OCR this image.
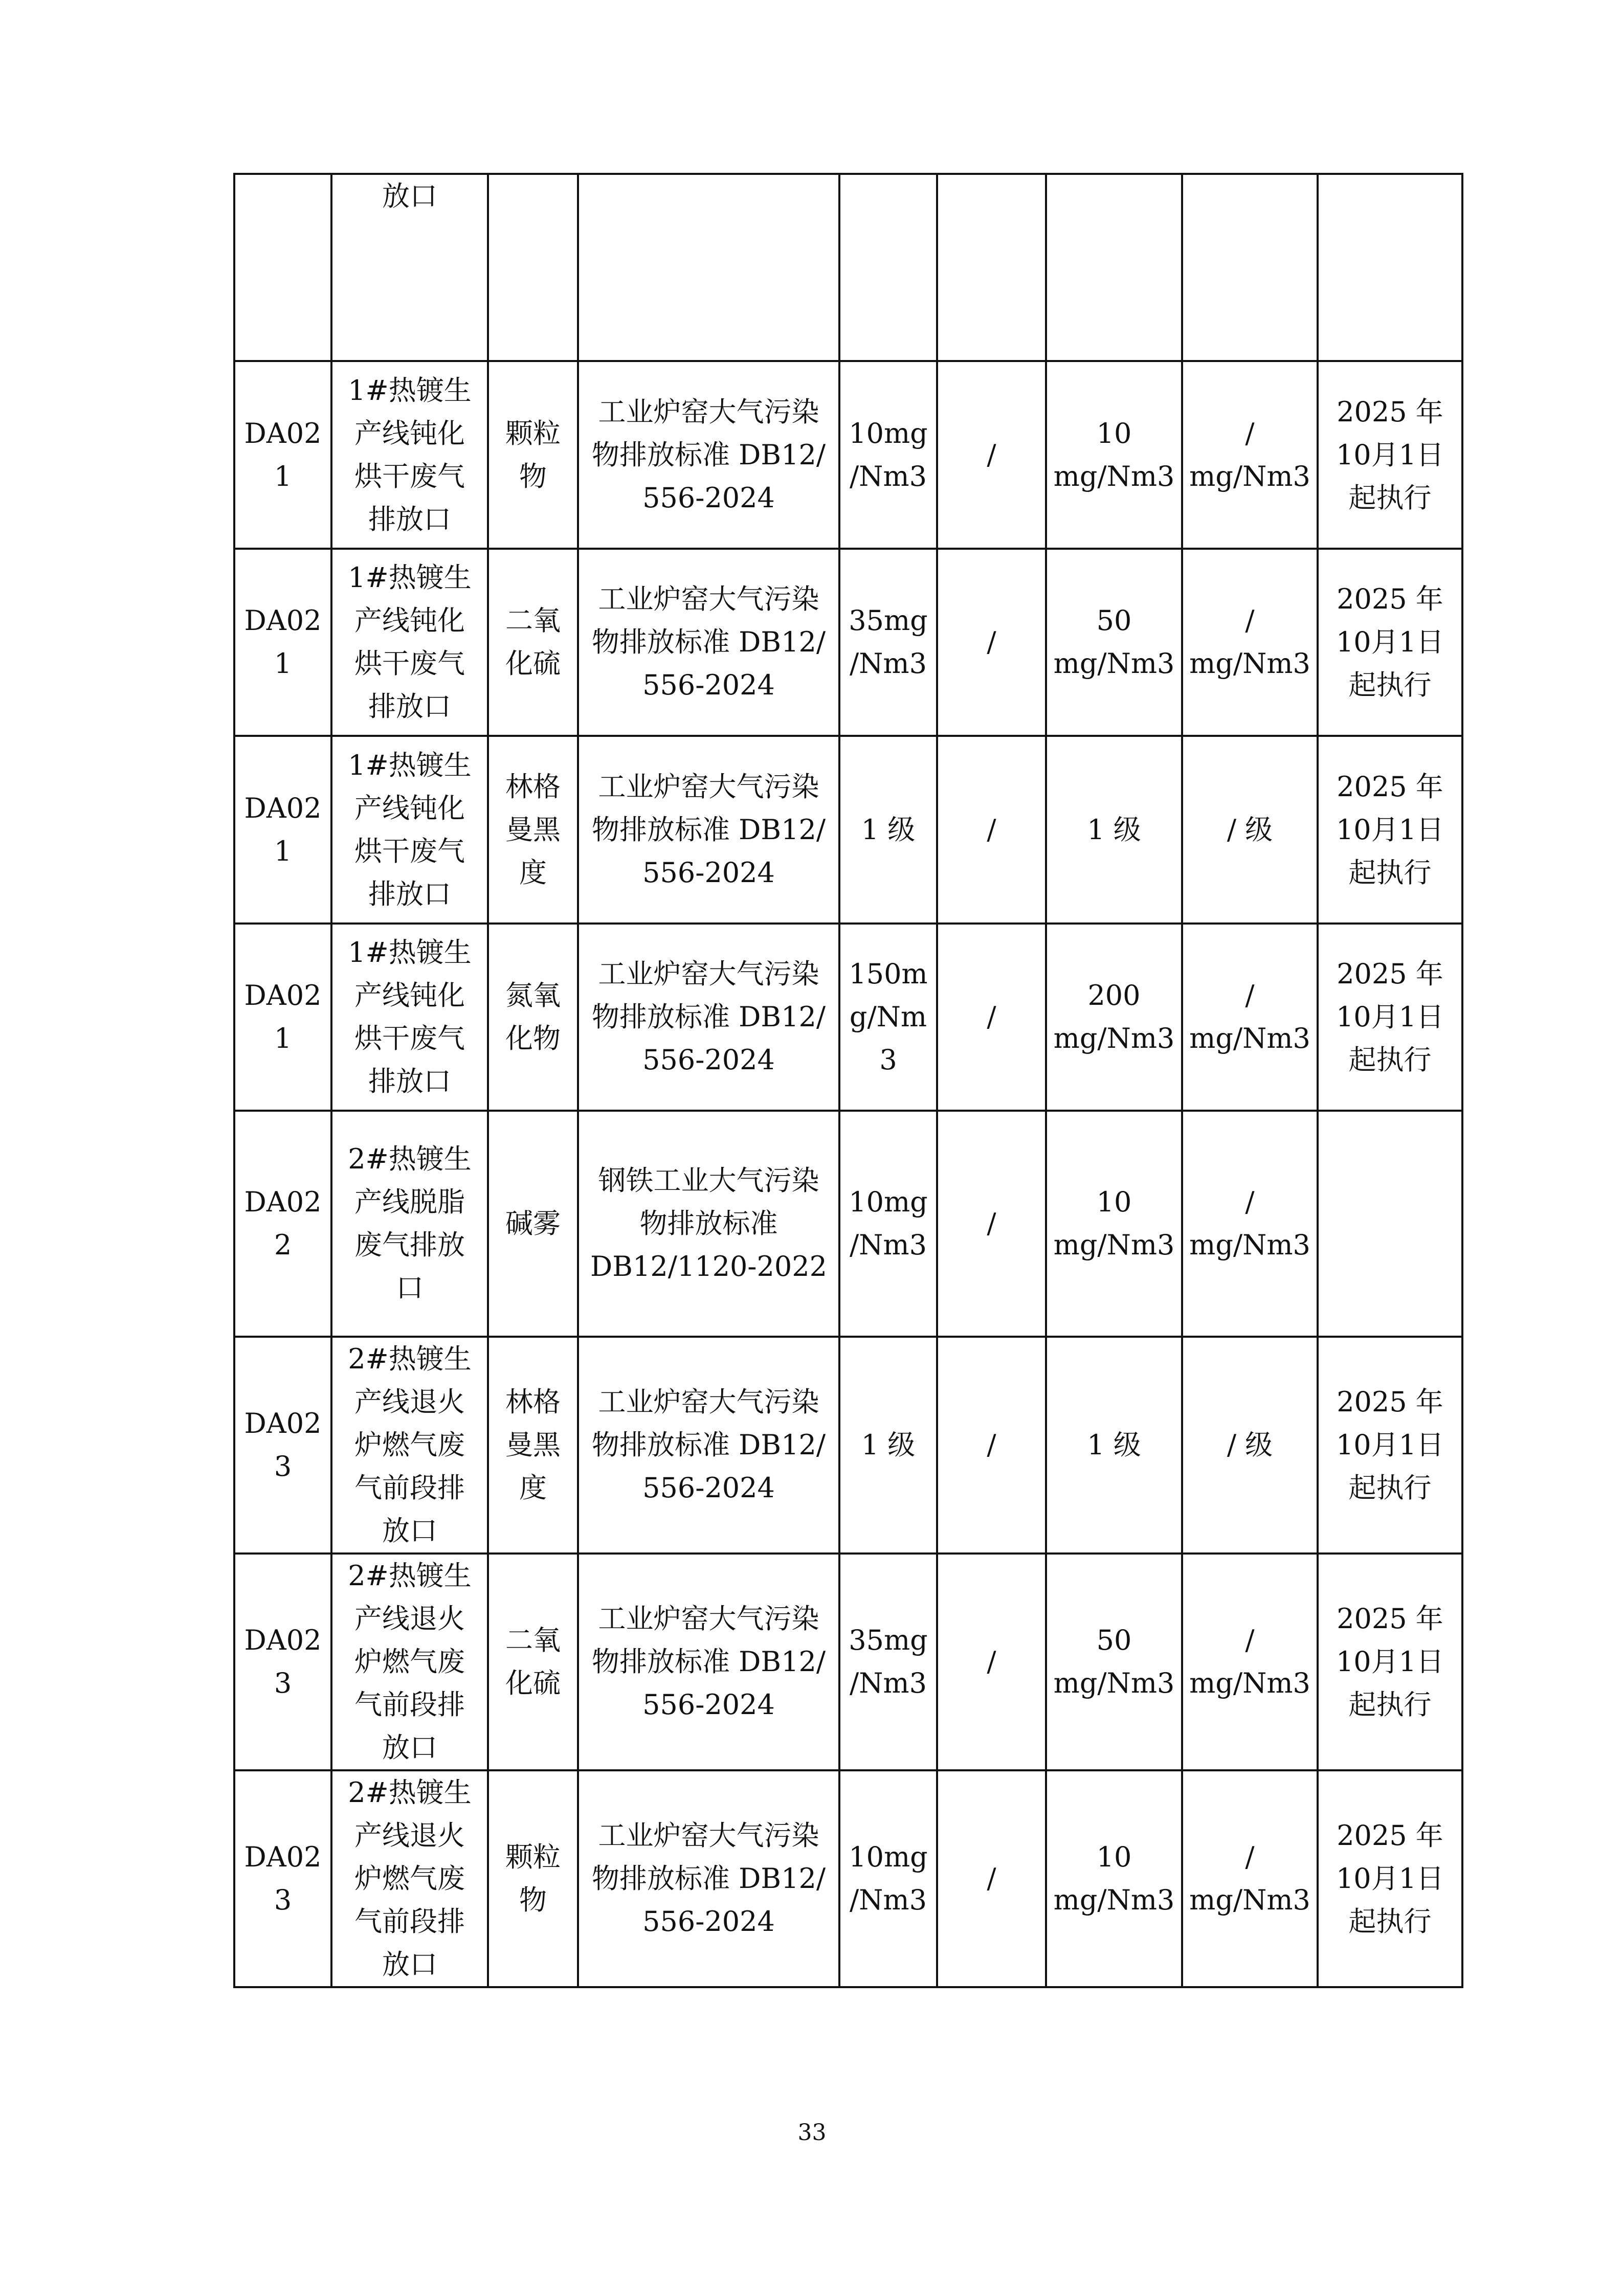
	放口							
DA02
1	1#热镀生
产线钝化
烘干废气
排放口	颗粒
物	工业炉窑大气污染
物排放标准 DB12/
556-2024	10mg
/Nm3	/	10
mg/Nm3	/
mg/Nm3	2025 年
10月1日
起执行
DA02
1	1#热镀生
产线钝化
烘干废气
排放口	二氧
化硫	工业炉窑大气污染
物排放标准 DB12/
556-2024	35mg
/Nm3	/	50
mg/Nm3	/
mg/Nm3	2025 年
10月1日
起执行
DA02
1	1#热镀生
产线钝化
烘干废气
排放口	林格
曼黑
度	工业炉窑大气污染
物排放标准 DB12/
556-2024	1 级	/	1 级	/ 级	2025 年
10月1日
起执行
DA02
1	1#热镀生
产线钝化
烘干废气
排放口	氮氧
化物	工业炉窑大气污染
物排放标准 DB12/
556-2024	150m
g/Nm
3	/	200
mg/Nm3	/
mg/Nm3	2025 年
10月1日
起执行
DA02
2	2#热镀生
产线脱脂
废气排放
口	碱雾	钢铁工业大气污染
物排放标准
DB12/1120-2022	10mg
/Nm3	/	10
mg/Nm3	/
mg/Nm3	
DA02
3	2#热镀生
产线退火
炉燃气废
气前段排
放口	林格
曼黑
度	工业炉窑大气污染
物排放标准 DB12/
556-2024	1 级	/	1 级	/ 级	2025 年
10月1日
起执行
DA02
3	2#热镀生
产线退火
炉燃气废
气前段排
放口	二氧
化硫	工业炉窑大气污染
物排放标准 DB12/
556-2024	35mg
/Nm3	/	50
mg/Nm3	/
mg/Nm3	2025 年
10月1日
起执行
DA02
3	2#热镀生
产线退火
炉燃气废
气前段排
放口	颗粒
物	工业炉窑大气污染
物排放标准 DB12/
556-2024	10mg
/Nm3	/	10
mg/Nm3	/
mg/Nm3	2025 年
10月1日
起执行
33
